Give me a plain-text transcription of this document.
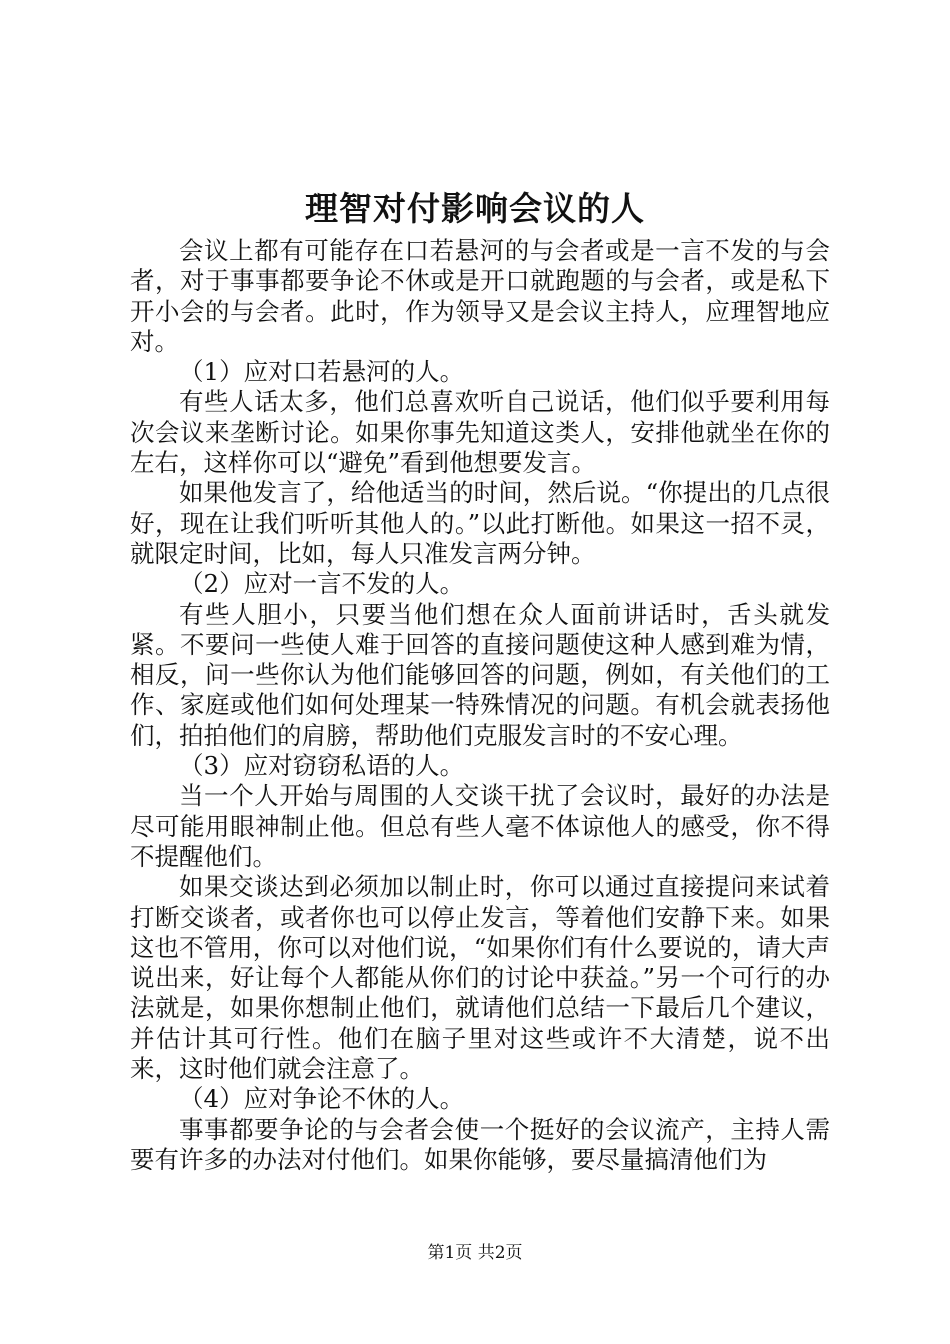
理智对付影响会议的人

会议上都有可能存在口若悬河的与会者或是一言不发的与会者，对于事事都要争论不休或是开口就跑题的与会者，或是私下开小会的与会者。此时，作为领导又是会议主持人，应理智地应对。

（1）应对口若悬河的人。

有些人话太多，他们总喜欢听自己说话，他们似乎要利用每次会议来垄断讨论。如果你事先知道这类人，安排他就坐在你的左右，这样你可以“避免”看到他想要发言。

如果他发言了，给他适当的时间，然后说。“你提出的几点很好，现在让我们听听其他人的。”以此打断他。如果这一招不灵，就限定时间，比如，每人只准发言两分钟。

（2）应对一言不发的人。

有些人胆小，只要当他们想在众人面前讲话时，舌头就发紧。不要问一些使人难于回答的直接问题使这种人感到难为情，相反，问一些你认为他们能够回答的问题，例如，有关他们的工作、家庭或他们如何处理某一特殊情况的问题。有机会就表扬他们，拍拍他们的肩膀，帮助他们克服发言时的不安心理。

（3）应对窃窃私语的人。

当一个人开始与周围的人交谈干扰了会议时，最好的办法是尽可能用眼神制止他。但总有些人毫不体谅他人的感受，你不得不提醒他们。

如果交谈达到必须加以制止时，你可以通过直接提问来试着打断交谈者，或者你也可以停止发言，等着他们安静下来。如果这也不管用，你可以对他们说，“如果你们有什么要说的，请大声说出来，好让每个人都能从你们的讨论中获益。”另一个可行的办法就是，如果你想制止他们，就请他们总结一下最后几个建议，并估计其可行性。他们在脑子里对这些或许不大清楚，说不出来，这时他们就会注意了。

（4）应对争论不休的人。

事事都要争论的与会者会使一个挺好的会议流产，主持人需要有许多的办法对付他们。如果你能够，要尽量搞清他们为

第1页 共2页
